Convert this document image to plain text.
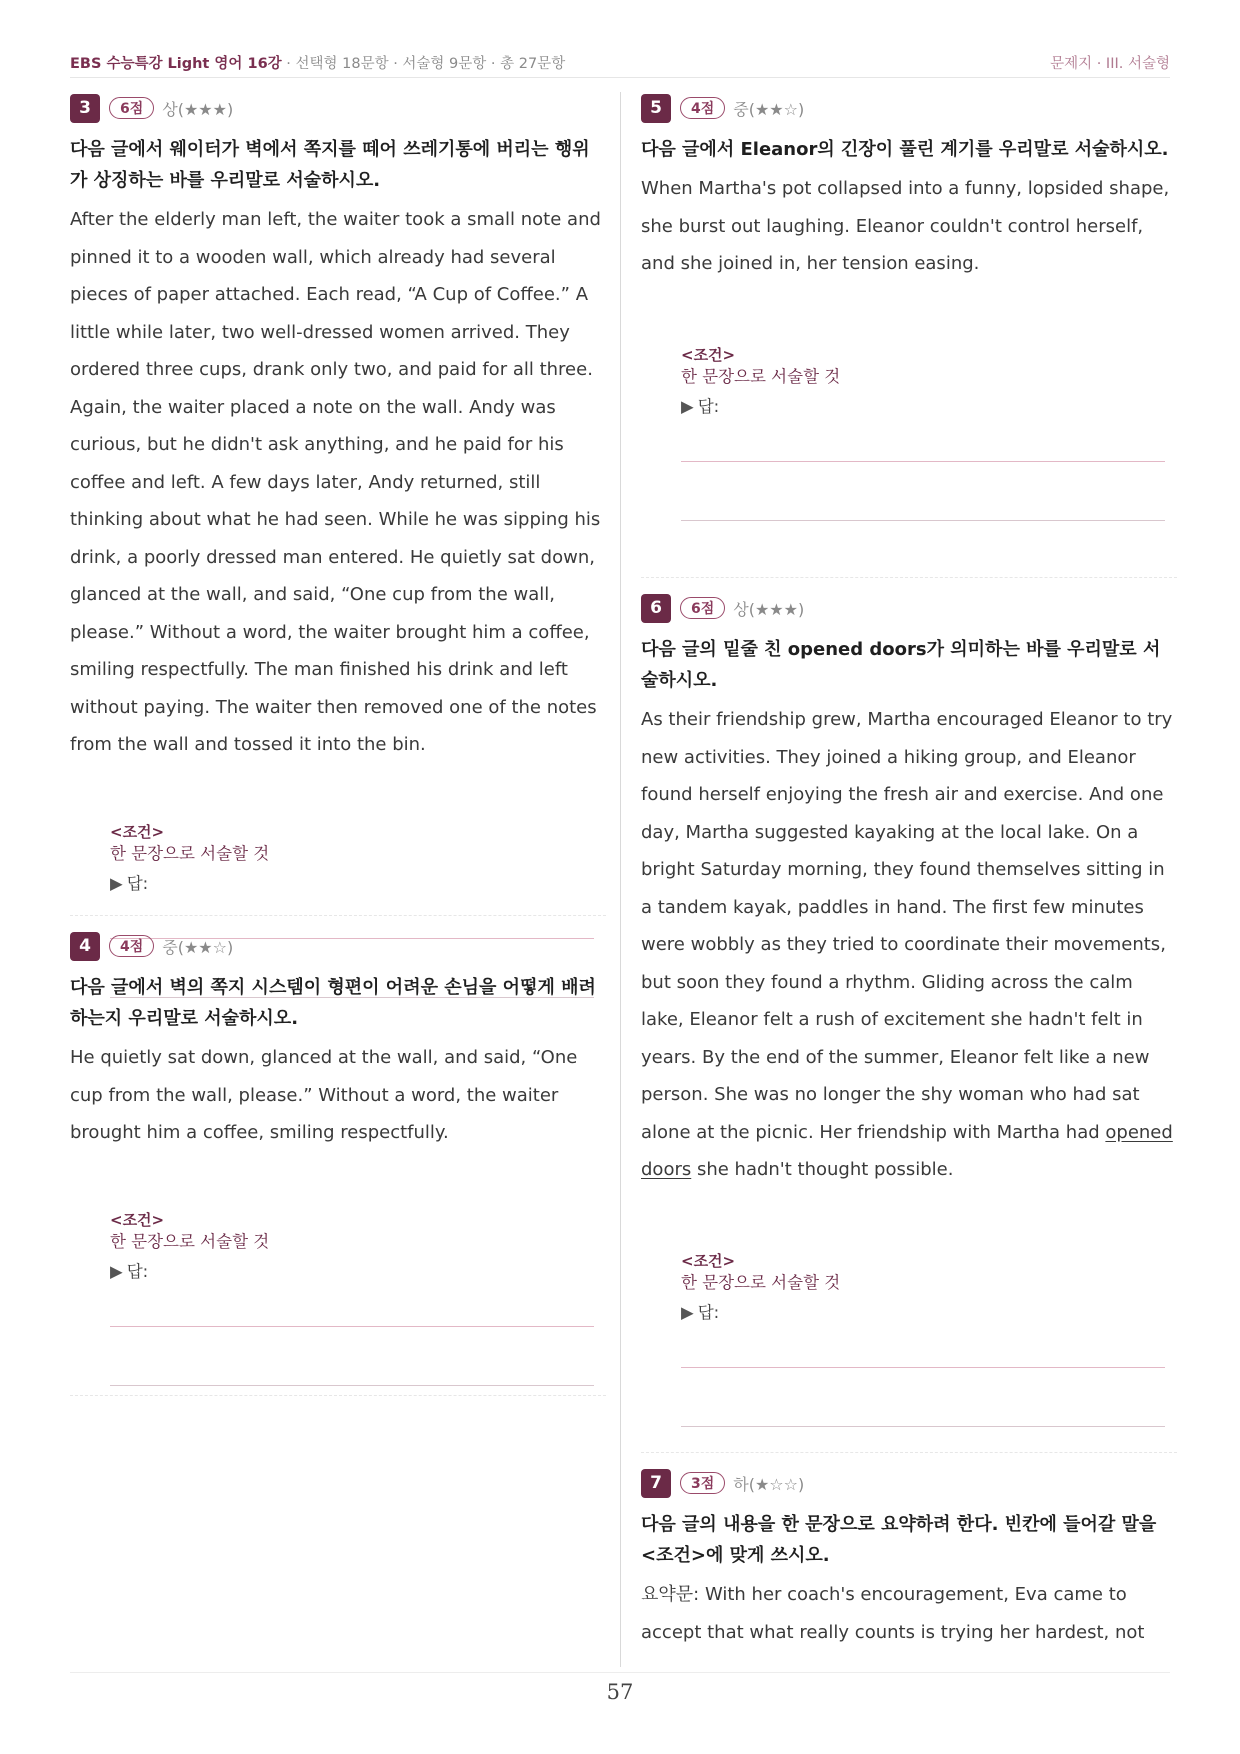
EBS 수능특강 Light 영어 16강 · 선택형 18문항 · 서술형 9문항 · 총 27문항	문제지 · III. 서술형
3	6점	상(★★★)
다음 글에서 웨이터가 벽에서 쪽지를 떼어 쓰레기통에 버리는 행위가 상징하는 바를 우리말로 서술하시오.
After the elderly man left, the waiter took a small note and pinned it to a wooden wall, which already had several pieces of paper attached. Each read, “A Cup of Coffee.” A little while later, two well-dressed women arrived. They ordered three cups, drank only two, and paid for all three. Again, the waiter placed a note on the wall. Andy was curious, but he didn't ask anything, and he paid for his coffee and left. A few days later, Andy returned, still thinking about what he had seen. While he was sipping his drink, a poorly dressed man entered. He quietly sat down, glanced at the wall, and said, “One cup from the wall, please.” Without a word, the waiter brought him a coffee, smiling respectfully. The man finished his drink and left without paying. The waiter then removed one of the notes from the wall and tossed it into the bin.
<조건>
한 문장으로 서술할 것
▶ 답:
4	4점	중(★★☆)
다음 글에서 벽의 쪽지 시스템이 형편이 어려운 손님을 어떻게 배려하는지 우리말로 서술하시오.
He quietly sat down, glanced at the wall, and said, “One cup from the wall, please.” Without a word, the waiter brought him a coffee, smiling respectfully.
<조건>
한 문장으로 서술할 것
▶ 답:
5	4점	중(★★☆)
다음 글에서 Eleanor의 긴장이 풀린 계기를 우리말로 서술하시오.
When Martha's pot collapsed into a funny, lopsided shape, she burst out laughing. Eleanor couldn't control herself, and she joined in, her tension easing.
<조건>
한 문장으로 서술할 것
▶ 답:
6	6점	상(★★★)
다음 글의 밑줄 친 opened doors가 의미하는 바를 우리말로 서술하시오.
As their friendship grew, Martha encouraged Eleanor to try new activities. They joined a hiking group, and Eleanor found herself enjoying the fresh air and exercise. And one day, Martha suggested kayaking at the local lake. On a bright Saturday morning, they found themselves sitting in a tandem kayak, paddles in hand. The first few minutes were wobbly as they tried to coordinate their movements, but soon they found a rhythm. Gliding across the calm lake, Eleanor felt a rush of excitement she hadn't felt in years. By the end of the summer, Eleanor felt like a new person. She was no longer the shy woman who had sat alone at the picnic. Her friendship with Martha had opened doors she hadn't thought possible.
<조건>
한 문장으로 서술할 것
▶ 답:
7	3점	하(★☆☆)
다음 글의 내용을 한 문장으로 요약하려 한다. 빈칸에 들어갈 말을 <조건>에 맞게 쓰시오.
요약문: With her coach's encouragement, Eva came to accept that what really counts is trying her hardest, not
57
